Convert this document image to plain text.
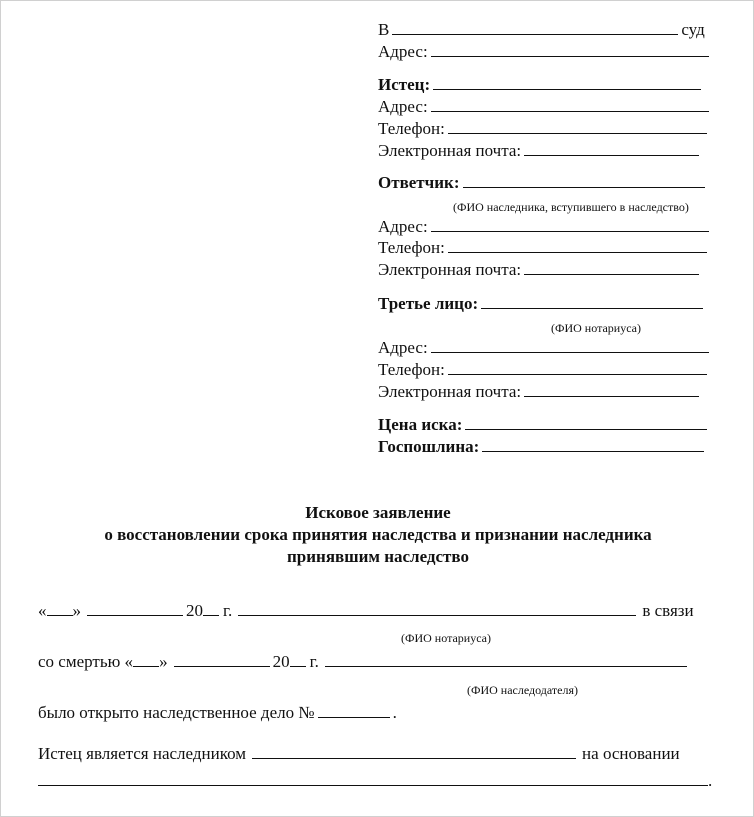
В	суд
Адрес:
Истец:
Адрес:
Телефон:
Электронная почта:
Ответчик:
(ФИО наследника, вступившего в наследство)
Адрес:
Телефон:
Электронная почта:
Третье лицо:
(ФИО нотариуса)
Адрес:
Телефон:
Электронная почта:
Цена иска:
Госпошлина:
Исковое заявление
о восстановлении срока принятия наследства и признании наследника
принявшим наследство
« »	20 г.	в связи
(ФИО нотариуса)
со смертью « »	20 г.
(ФИО наследодателя)
было открыто наследственное дело №	.
Истец является наследником	на основании
.
